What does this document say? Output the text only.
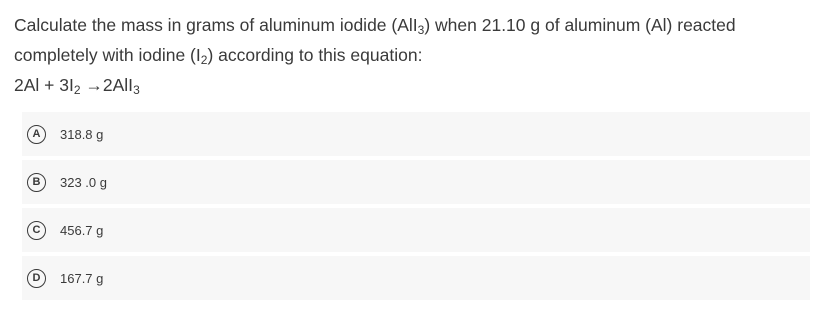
Calculate the mass in grams of aluminum iodide (AlI$_3$) when 21.10 g of aluminum (Al) reacted
completely with iodine $(I_2)$ according to this equation:
$2Al + 3I_2 \to 2AlI_3$
A	318.8 g
B	323 .0 g
C	456.7 g
D	167.7 g
